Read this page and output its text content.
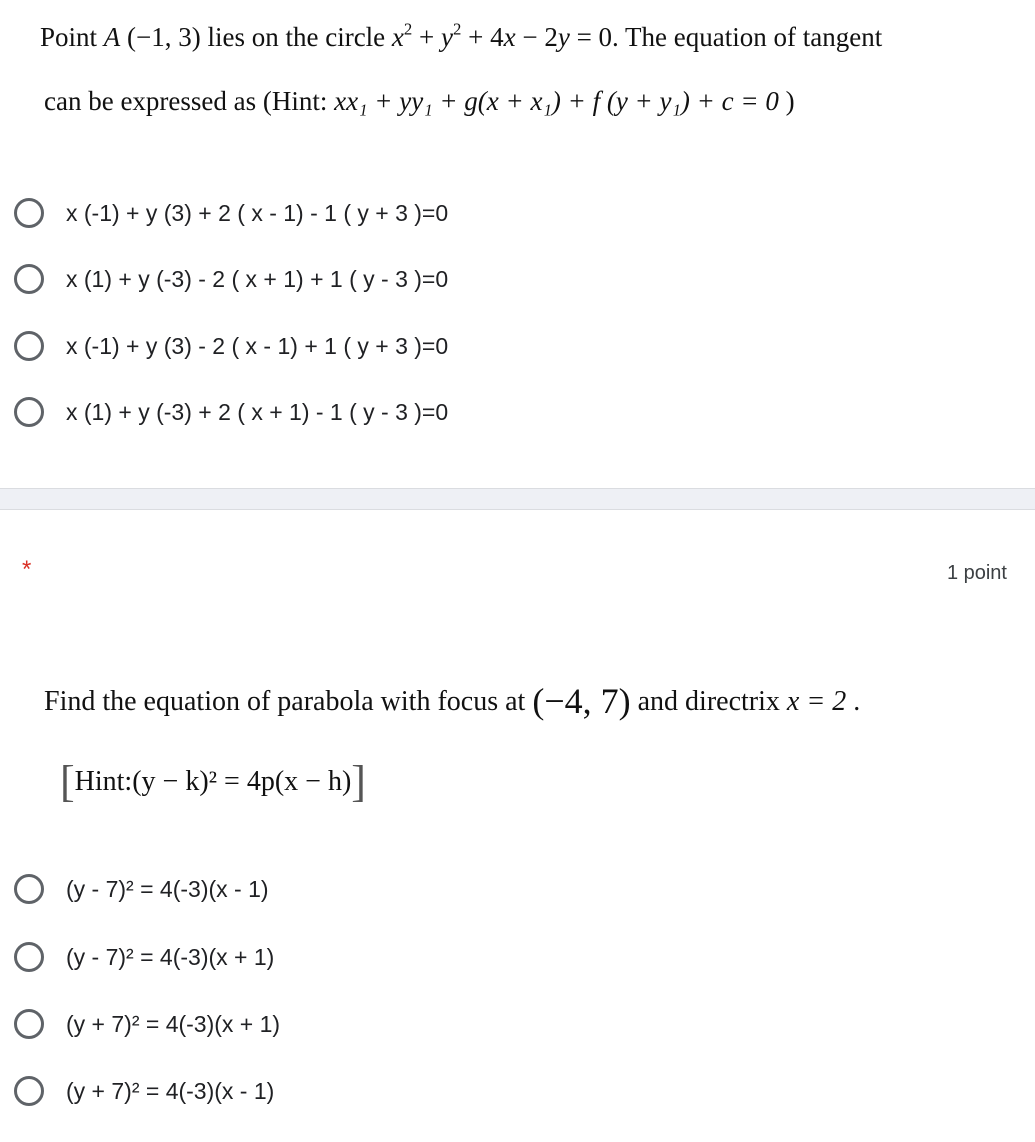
Point A (−1, 3) lies on the circle $x^2 + y^2 + 4x - 2y = 0$. The equation of tangent
can be expressed as (Hint: xx₁ + yy₁ + g(x + x₁) + f (y + y₁) + c = 0 )
x (-1) + y (3) + 2 ( x - 1) - 1 ( y + 3 )=0
x (1) + y (-3) - 2 ( x + 1) + 1 ( y - 3 )=0
x (-1) + y (3) - 2 ( x - 1) + 1 ( y + 3 )=0
x (1) + y (-3) + 2 ( x + 1) - 1 ( y - 3 )=0
*	1 point
Find the equation of parabola with focus at (−4, 7) and directrix x = 2 .
[Hint:(y − k)² = 4p(x − h)]
(y - 7)² = 4(-3)(x - 1)
(y - 7)² = 4(-3)(x + 1)
(y + 7)² = 4(-3)(x + 1)
(y + 7)² = 4(-3)(x - 1)
